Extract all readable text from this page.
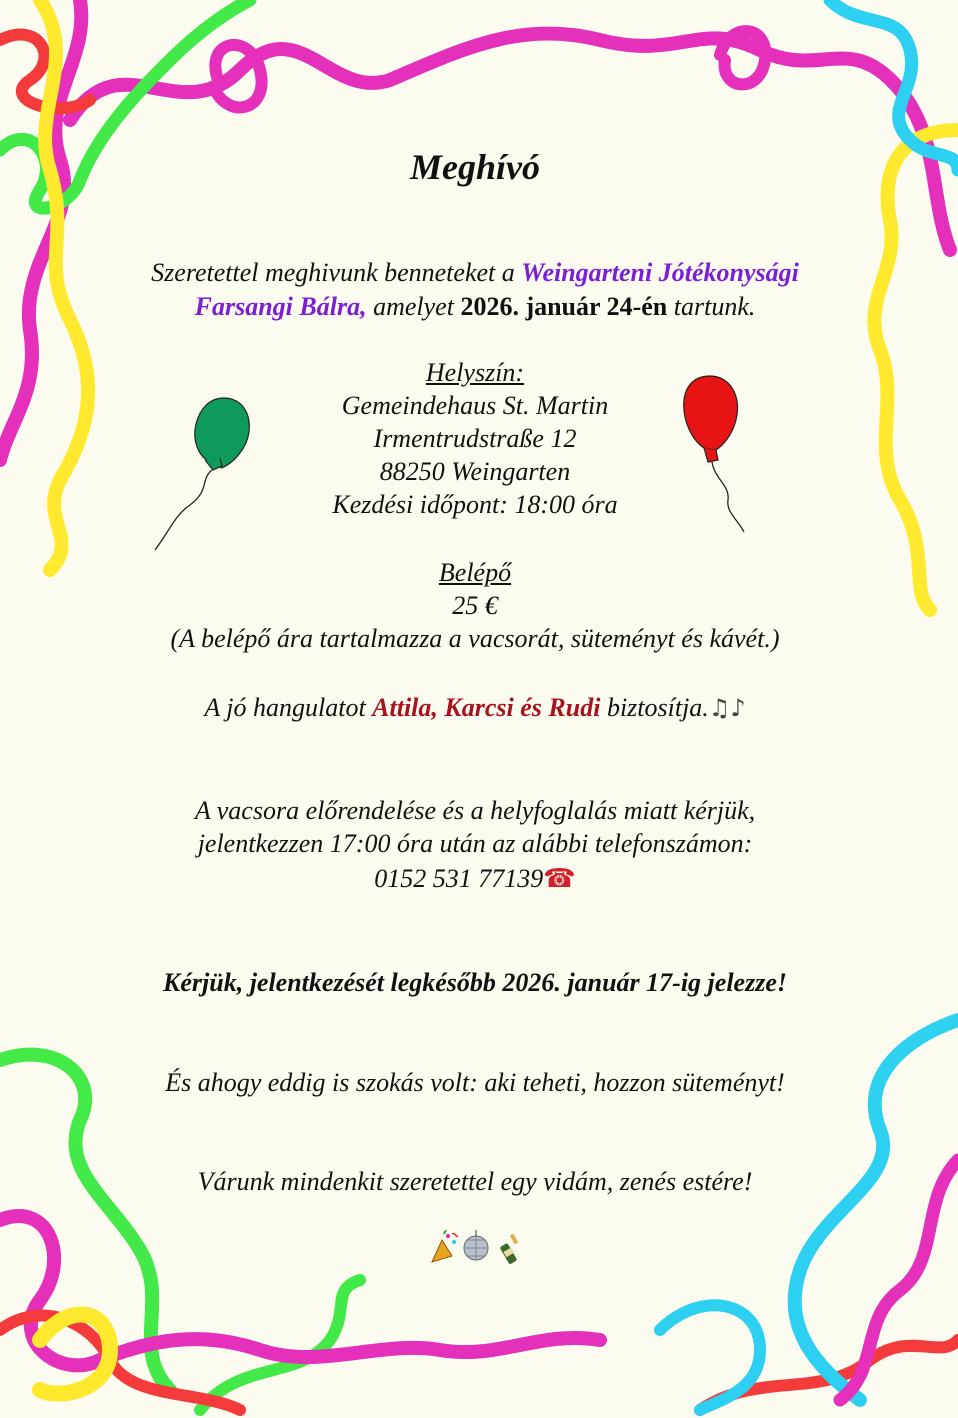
Meghívó
Szeretettel meghivunk benneteket a Weingarteni Jótékonysági
Farsangi Bálra, amelyet 2026. január 24-én tartunk.
Helyszín:
Gemeindehaus St. Martin
Irmentrudstraße 12
88250 Weingarten
Kezdési időpont: 18:00 óra
Belépő
25 €
(A belépő ára tartalmazza a vacsorát, süteményt és kávét.)
A jó hangulatot Attila, Karcsi és Rudi biztosítja.♫♪
A vacsora előrendelése és a helyfoglalás miatt kérjük,
jelentkezzen 17:00 óra után az alábbi telefonszámon:
0152 531 77139☎
Kérjük, jelentkezését legkésőbb 2026. január 17-ig jelezze!
És ahogy eddig is szokás volt: aki teheti, hozzon süteményt!
Várunk mindenkit szeretettel egy vidám, zenés estére!
